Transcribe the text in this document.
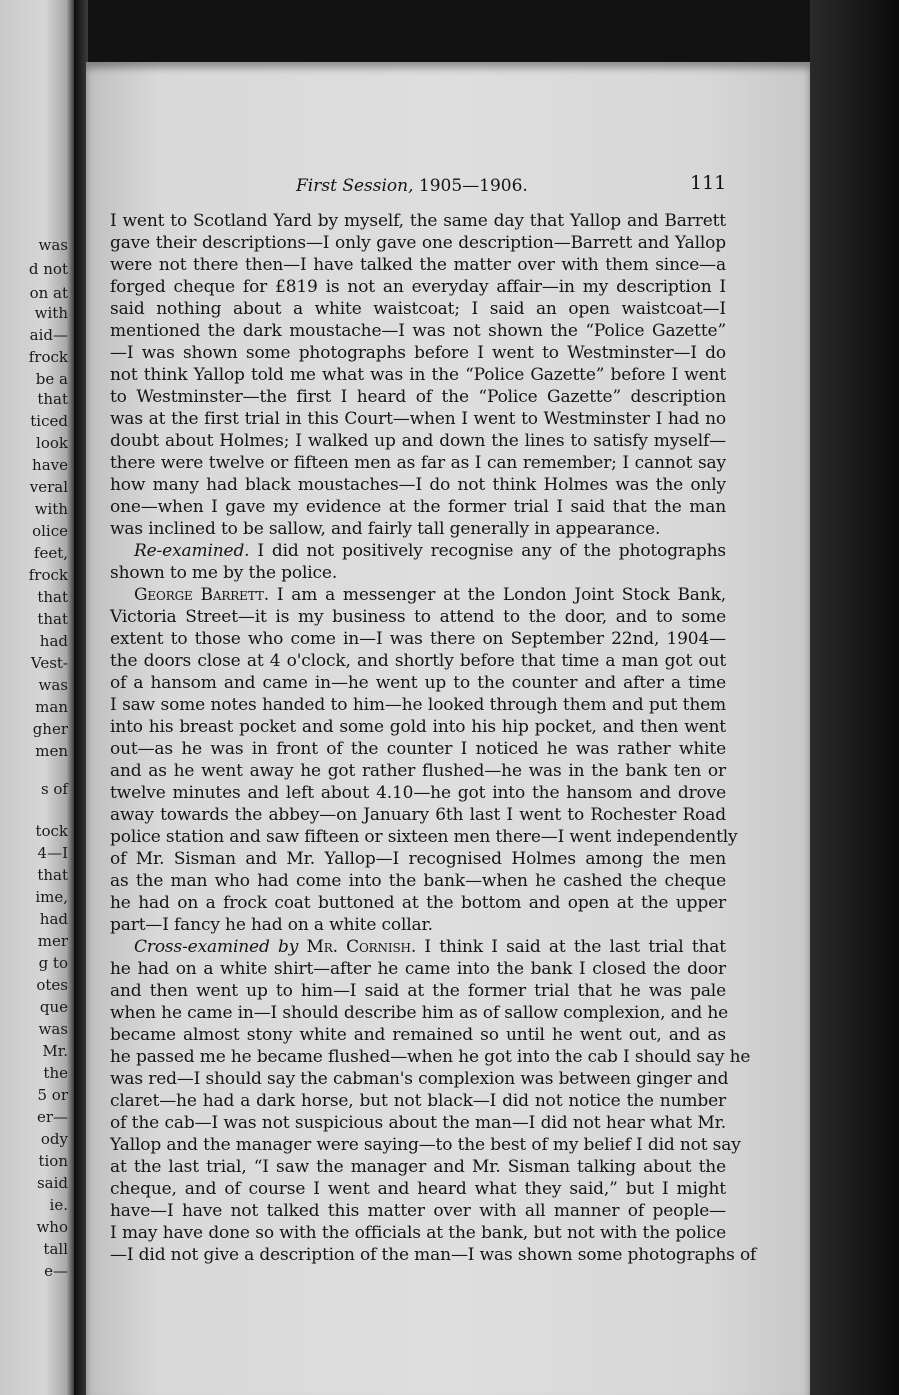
was

d not

on at

with

aid—

frock

be a

that

ticed

look

have

veral

with

olice

feet,

frock

that

that

had

Vest-

was

man

gher

men

s of

tock

4—I

that

ime,

had

mer

g to

otes

que

was

Mr.

the

5 or

er—

ody

tion

said

ie.

who

tall

e—

First Session, 1905—1906.	111
I went to Scotland Yard by myself, the same day that Yallop and Barrett
gave their descriptions—I only gave one description—Barrett and Yallop
were not there then—I have talked the matter over with them since—a
forged cheque for £819 is not an everyday affair—in my description I
said nothing about a white waistcoat; I said an open waistcoat—I
mentioned the dark moustache—I was not shown the “Police Gazette”
—I was shown some photographs before I went to Westminster—I do
not think Yallop told me what was in the “Police Gazette” before I went
to Westminster—the first I heard of the “Police Gazette” description
was at the first trial in this Court—when I went to Westminster I had no
doubt about Holmes; I walked up and down the lines to satisfy myself—
there were twelve or fifteen men as far as I can remember; I cannot say
how many had black moustaches—I do not think Holmes was the only
one—when I gave my evidence at the former trial I said that the man
was inclined to be sallow, and fairly tall generally in appearance.
Re-examined. I did not positively recognise any of the photographs
shown to me by the police.
George Barrett. I am a messenger at the London Joint Stock Bank,
Victoria Street—it is my business to attend to the door, and to some
extent to those who come in—I was there on September 22nd, 1904—
the doors close at 4 o'clock, and shortly before that time a man got out
of a hansom and came in—he went up to the counter and after a time
I saw some notes handed to him—he looked through them and put them
into his breast pocket and some gold into his hip pocket, and then went
out—as he was in front of the counter I noticed he was rather white
and as he went away he got rather flushed—he was in the bank ten or
twelve minutes and left about 4.10—he got into the hansom and drove
away towards the abbey—on January 6th last I went to Rochester Road
police station and saw fifteen or sixteen men there—I went independently
of Mr. Sisman and Mr. Yallop—I recognised Holmes among the men
as the man who had come into the bank—when he cashed the cheque
he had on a frock coat buttoned at the bottom and open at the upper
part—I fancy he had on a white collar.
Cross-examined by Mr. Cornish. I think I said at the last trial that
he had on a white shirt—after he came into the bank I closed the door
and then went up to him—I said at the former trial that he was pale
when he came in—I should describe him as of sallow complexion, and he
became almost stony white and remained so until he went out, and as
he passed me he became flushed—when he got into the cab I should say he
was red—I should say the cabman's complexion was between ginger and
claret—he had a dark horse, but not black—I did not notice the number
of the cab—I was not suspicious about the man—I did not hear what Mr.
Yallop and the manager were saying—to the best of my belief I did not say
at the last trial, “I saw the manager and Mr. Sisman talking about the
cheque, and of course I went and heard what they said,” but I might
have—I have not talked this matter over with all manner of people—
I may have done so with the officials at the bank, but not with the police
—I did not give a description of the man—I was shown some photographs of
